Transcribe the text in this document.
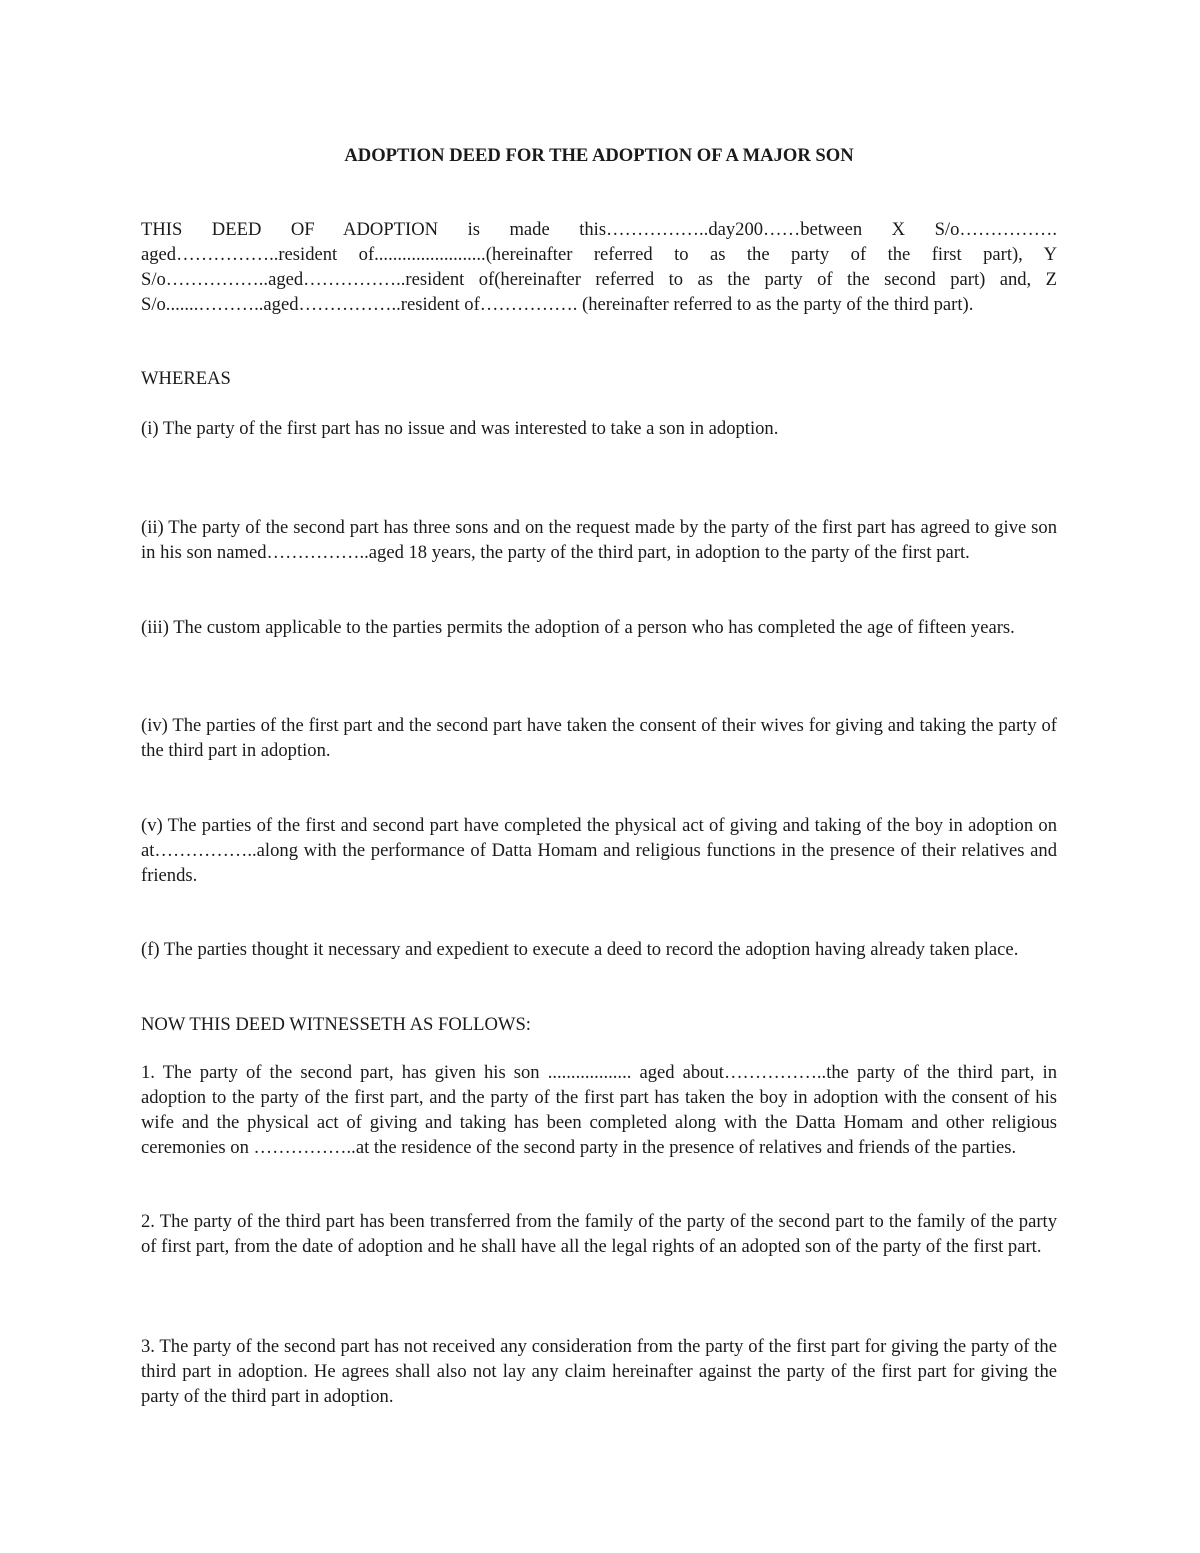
ADOPTION DEED FOR THE ADOPTION OF A MAJOR SON

THIS DEED OF ADOPTION is made this……………..day200……between X S/o……………. aged……………..resident of........................(hereinafter referred to as the party of the first part), Y S/o……………..aged……………..resident of(hereinafter referred to as the party of the second part) and, Z S/o.......………..aged……………..resident of……………. (hereinafter referred to as the party of the third part).

WHEREAS

(i) The party of the first part has no issue and was interested to take a son in adoption.

(ii) The party of the second part has three sons and on the request made by the party of the first part has agreed to give son in his son named……………..aged 18 years, the party of the third part, in adoption to the party of the first part.

(iii) The custom applicable to the parties permits the adoption of a person who has completed the age of fifteen years.

(iv) The parties of the first part and the second part have taken the consent of their wives for giving and taking the party of the third part in adoption.

(v) The parties of the first and second part have completed the physical act of giving and taking of the boy in adoption on at……………..along with the performance of Datta Homam and religious functions in the presence of their relatives and friends.

(f) The parties thought it necessary and expedient to execute a deed to record the adoption having already taken place.

NOW THIS DEED WITNESSETH AS FOLLOWS:

1. The party of the second part, has given his son .................. aged about……………..the party of the third part, in adoption to the party of the first part, and the party of the first part has taken the boy in adoption with the consent of his wife and the physical act of giving and taking has been completed along with the Datta Homam and other religious ceremonies on ……………..at the residence of the second party in the presence of relatives and friends of the parties.

2. The party of the third part has been transferred from the family of the party of the second part to the family of the party of first part, from the date of adoption and he shall have all the legal rights of an adopted son of the party of the first part.

3. The party of the second part has not received any consideration from the party of the first part for giving the party of the third part in adoption. He agrees shall also not lay any claim hereinafter against the party of the first part for giving the party of the third part in adoption.
